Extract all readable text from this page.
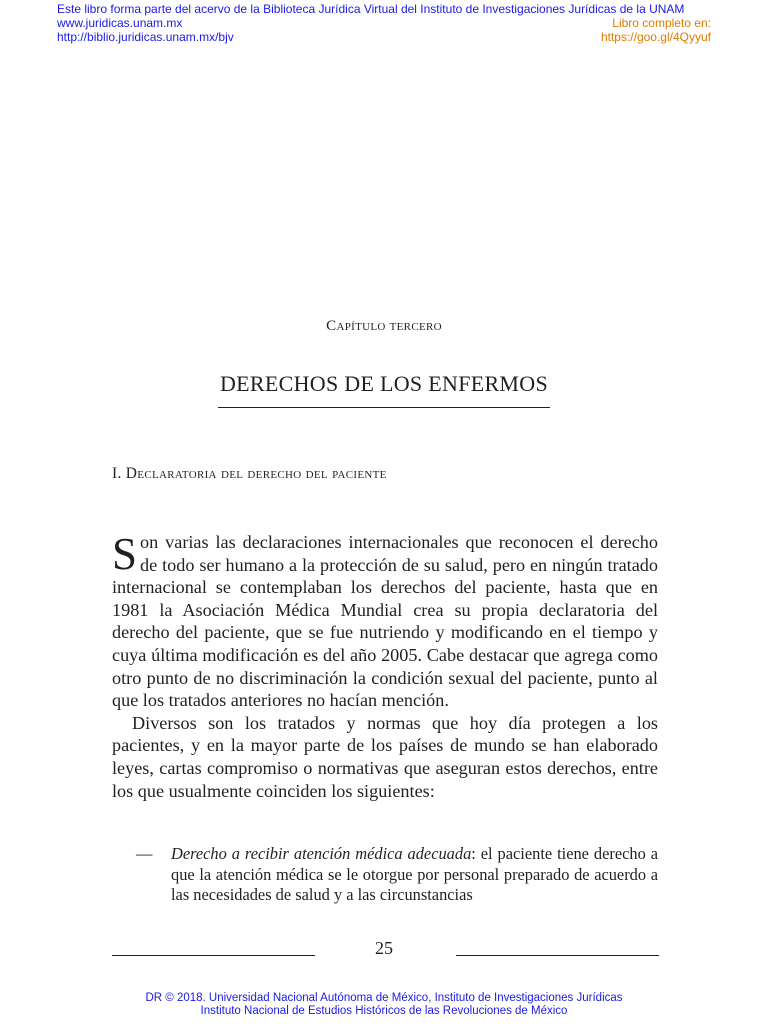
Este libro forma parte del acervo de la Biblioteca Jurídica Virtual del Instituto de Investigaciones Jurídicas de la UNAM
www.juridicas.unam.mx
http://biblio.juridicas.unam.mx/bjv
Libro completo en:
https://goo.gl/4Qyyuf
Capítulo tercero
DERECHOS DE LOS ENFERMOS
I. Declaratoria del derecho del paciente

Son varias las declaraciones internacionales que reconocen el derecho de todo ser humano a la protección de su salud, pero en ningún tratado internacional se contemplaban los derechos del paciente, hasta que en 1981 la Asociación Médica Mundial crea su propia declaratoria del derecho del paciente, que se fue nutriendo y modificando en el tiempo y cuya última modificación es del año 2005. Cabe destacar que agrega como otro punto de no discriminación la condición sexual del paciente, punto al que los tratados anteriores no hacían mención.

Diversos son los tratados y normas que hoy día protegen a los pacientes, y en la mayor parte de los países de mundo se han elaborado leyes, cartas compromiso o normativas que aseguran estos derechos, entre los que usualmente coinciden los siguientes:

— Derecho a recibir atención médica adecuada: el paciente tiene derecho a que la atención médica se le otorgue por personal preparado de acuerdo a las necesidades de salud y a las circunstancias
25
DR © 2018. Universidad Nacional Autónoma de México, Instituto de Investigaciones Jurídicas
Instituto Nacional de Estudios Históricos de las Revoluciones de México
